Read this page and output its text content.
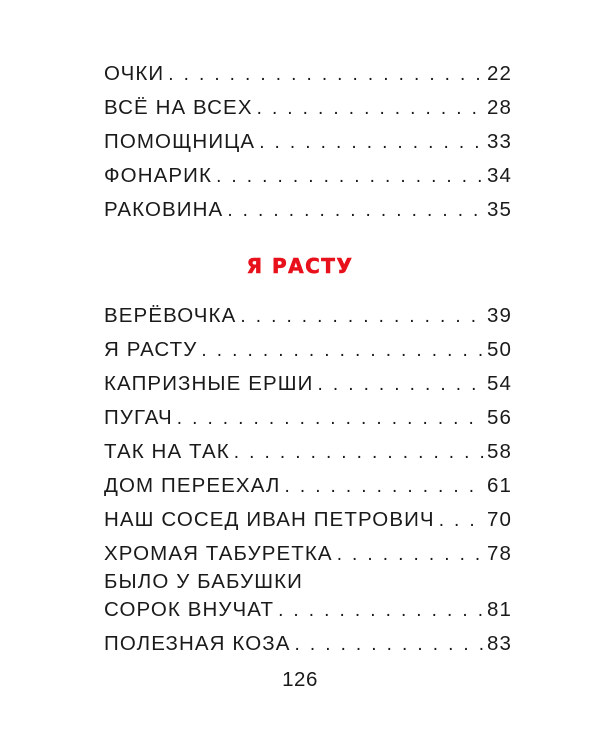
ОЧКИ . . .	22
ВСЁ НА ВСЕХ . . .	28
ПОМОЩНИЦА . . .	33
ФОНАРИК . . .	34
РАКОВИНА . . .	35
Я РАСТУ
ВЕРЁВОЧКА . . .	39
Я РАСТУ . . .	50
КАПРИЗНЫЕ ЕРШИ . . .	54
ПУГАЧ . . .	56
ТАК НА ТАК . . .	58
ДОМ ПЕРЕЕХАЛ . . .	61
НАШ СОСЕД ИВАН ПЕТРОВИЧ . . .	70
ХРОМАЯ ТАБУРЕТКА . . .	78
БЫЛО У БАБУШКИ
СОРОК ВНУЧАТ . . .	81
ПОЛЕЗНАЯ КОЗА . . .	83
126
